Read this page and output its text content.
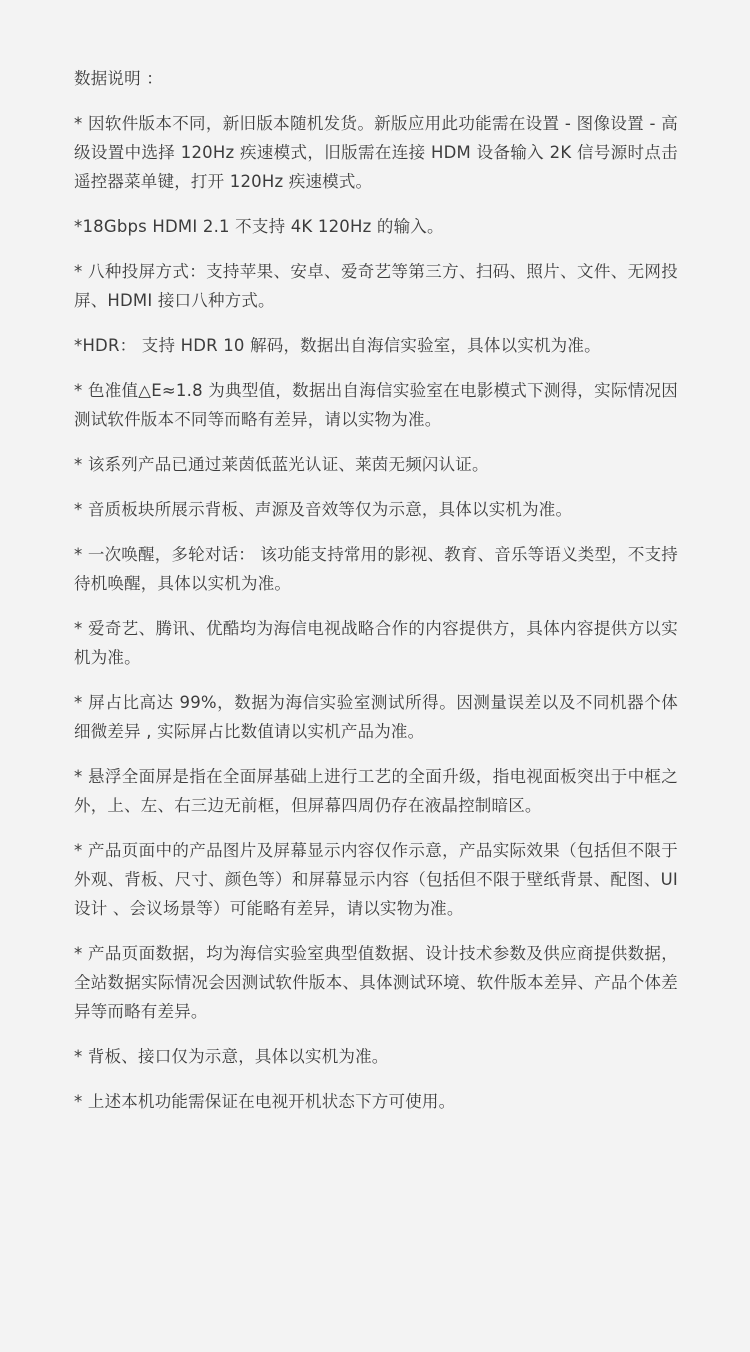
数据说明 ：

* 因软件版本不同，新旧版本随机发货。新版应用此功能需在设置 - 图像设置 - 高级设置中选择 120Hz 疾速模式，旧版需在连接 HDM 设备输入 2K 信号源时点击遥控器菜单键，打开 120Hz 疾速模式。

*18Gbps HDMI 2.1 不支持 4K 120Hz 的输入。

* 八种投屏方式：支持苹果、安卓、爱奇艺等第三方、扫码、照片、文件、无网投屏、HDMI 接口八种方式。

*HDR： 支持 HDR 10 解码，数据出自海信实验室，具体以实机为准。

* 色准值△E≈1.8 为典型值，数据出自海信实验室在电影模式下测得，实际情况因测试软件版本不同等而略有差异，请以实物为准。

* 该系列产品已通过莱茵低蓝光认证、莱茵无频闪认证。

* 音质板块所展示背板、声源及音效等仅为示意，具体以实机为准。

* 一次唤醒，多轮对话： 该功能支持常用的影视、教育、音乐等语义类型，不支持待机唤醒，具体以实机为准。

* 爱奇艺、腾讯、优酷均为海信电视战略合作的内容提供方，具体内容提供方以实机为准。

* 屏占比高达 99%，数据为海信实验室测试所得。因测量误差以及不同机器个体细微差异 , 实际屏占比数值请以实机产品为准。

* 悬浮全面屏是指在全面屏基础上进行工艺的全面升级，指电视面板突出于中框之外，上、左、右三边无前框，但屏幕四周仍存在液晶控制暗区。

* 产品页面中的产品图片及屏幕显示内容仅作示意，产品实际效果（包括但不限于外观、背板、尺寸、颜色等）和屏幕显示内容（包括但不限于壁纸背景、配图、UI 设计 、会议场景等）可能略有差异，请以实物为准。

* 产品页面数据，均为海信实验室典型值数据、设计技术参数及供应商提供数据，全站数据实际情况会因测试软件版本、具体测试环境、软件版本差异、产品个体差异等而略有差异。

* 背板、接口仅为示意，具体以实机为准。

* 上述本机功能需保证在电视开机状态下方可使用。
